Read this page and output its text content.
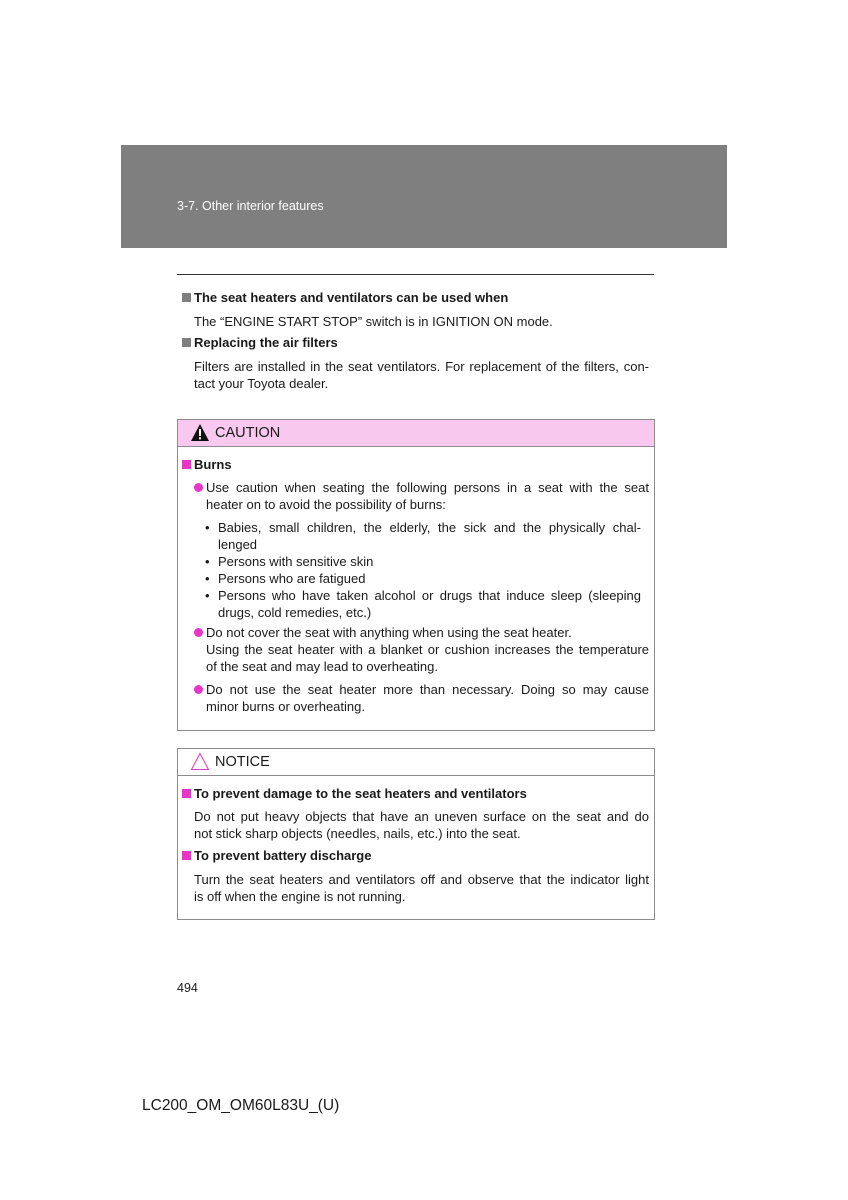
3-7. Other interior features
The seat heaters and ventilators can be used when
The “ENGINE START STOP” switch is in IGNITION ON mode.
Replacing the air filters
Filters are installed in the seat ventilators. For replacement of the filters, con-
tact your Toyota dealer.
CAUTION
Burns
Use caution when seating the following persons in a seat with the seat
heater on to avoid the possibility of burns:
• Babies, small children, the elderly, the sick and the physically chal-
lenged
• Persons with sensitive skin
• Persons who are fatigued
• Persons who have taken alcohol or drugs that induce sleep (sleeping
drugs, cold remedies, etc.)
Do not cover the seat with anything when using the seat heater.
Using the seat heater with a blanket or cushion increases the temperature
of the seat and may lead to overheating.
Do not use the seat heater more than necessary. Doing so may cause
minor burns or overheating.
NOTICE
To prevent damage to the seat heaters and ventilators
Do not put heavy objects that have an uneven surface on the seat and do
not stick sharp objects (needles, nails, etc.) into the seat.
To prevent battery discharge
Turn the seat heaters and ventilators off and observe that the indicator light
is off when the engine is not running.
494
LC200_OM_OM60L83U_(U)
